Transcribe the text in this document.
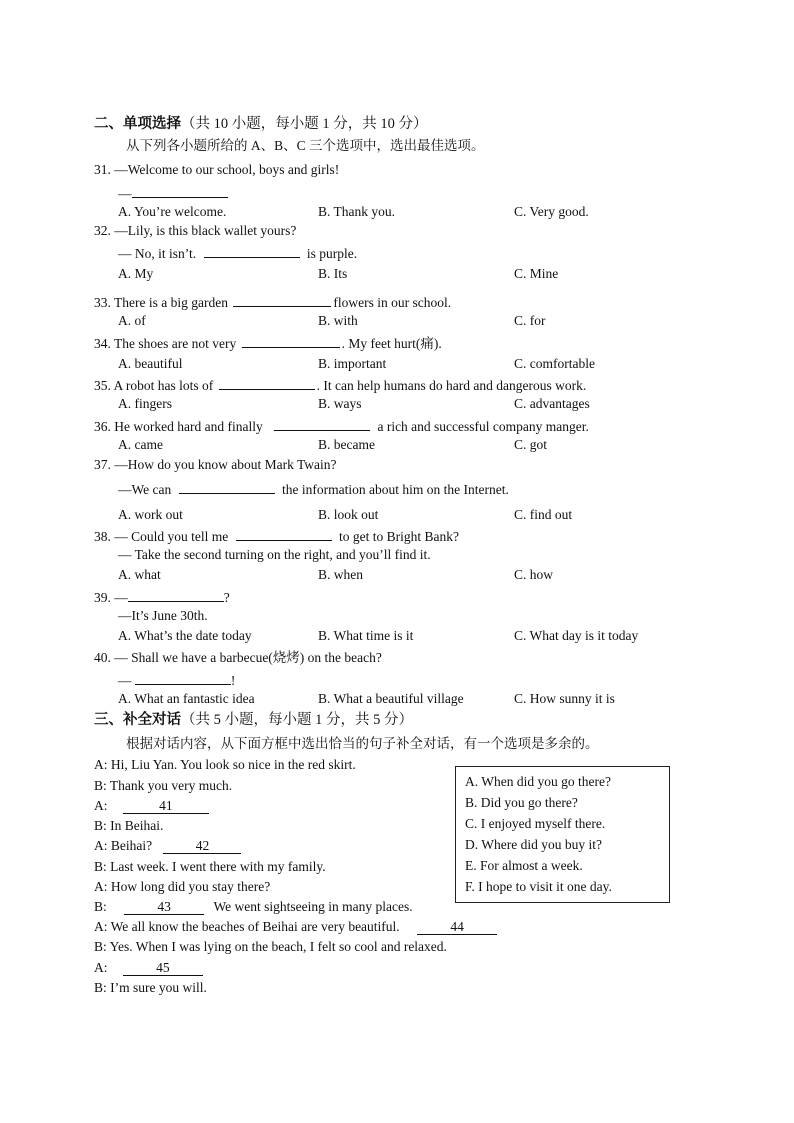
二、单项选择（共 10 小题，每小题 1 分，共 10 分）
从下列各小题所给的 A、B、C 三个选项中，选出最佳选项。
31. —Welcome to our school, boys and girls!
—
A. You’re welcome.	B. Thank you.	C. Very good.
32. —Lily, is this black wallet yours?
— No, it isn’t.	is purple.
A. My	B. Its	C. Mine
33. There is a big garden	flowers in our school.
A. of	B. with	C. for
34. The shoes are not very	. My feet hurt(痛).
A. beautiful	B. important	C. comfortable
35. A robot has lots of	. It can help humans do hard and dangerous work.
A. fingers	B. ways	C. advantages
36. He worked hard and finally	a rich and successful company manger.
A. came	B. became	C. got
37. —How do you know about Mark Twain?
—We can	the information about him on the Internet.
A. work out	B. look out	C. find out
38. — Could you tell me	to get to Bright Bank?
— Take the second turning on the right, and you’ll find it.
A. what	B. when	C. how
39. —	?
—It’s June 30th.
A. What’s the date today	B. What time is it	C. What day is it today
40. — Shall we have a barbecue(烧烤) on the beach?
—	!
A. What an fantastic idea	B. What a beautiful village	C. How sunny it is
三、补全对话（共 5 小题，每小题 1 分，共 5 分）
根据对话内容，从下面方框中选出恰当的句子补全对话，有一个选项是多余的。
A: Hi, Liu Yan. You look so nice in the red skirt.
B: Thank you very much.
A:	41
B: In Beihai.
A: Beihai?	42
B: Last week. I went there with my family.
A: How long did you stay there?
B:	43	We went sightseeing in many places.
A: We all know the beaches of Beihai are very beautiful.	44
B: Yes. When I was lying on the beach, I felt so cool and relaxed.
A:	45
B: I’m sure you will.
A. When did you go there?
B. Did you go there?
C. I enjoyed myself there.
D. Where did you buy it?
E. For almost a week.
F. I hope to visit it one day.
